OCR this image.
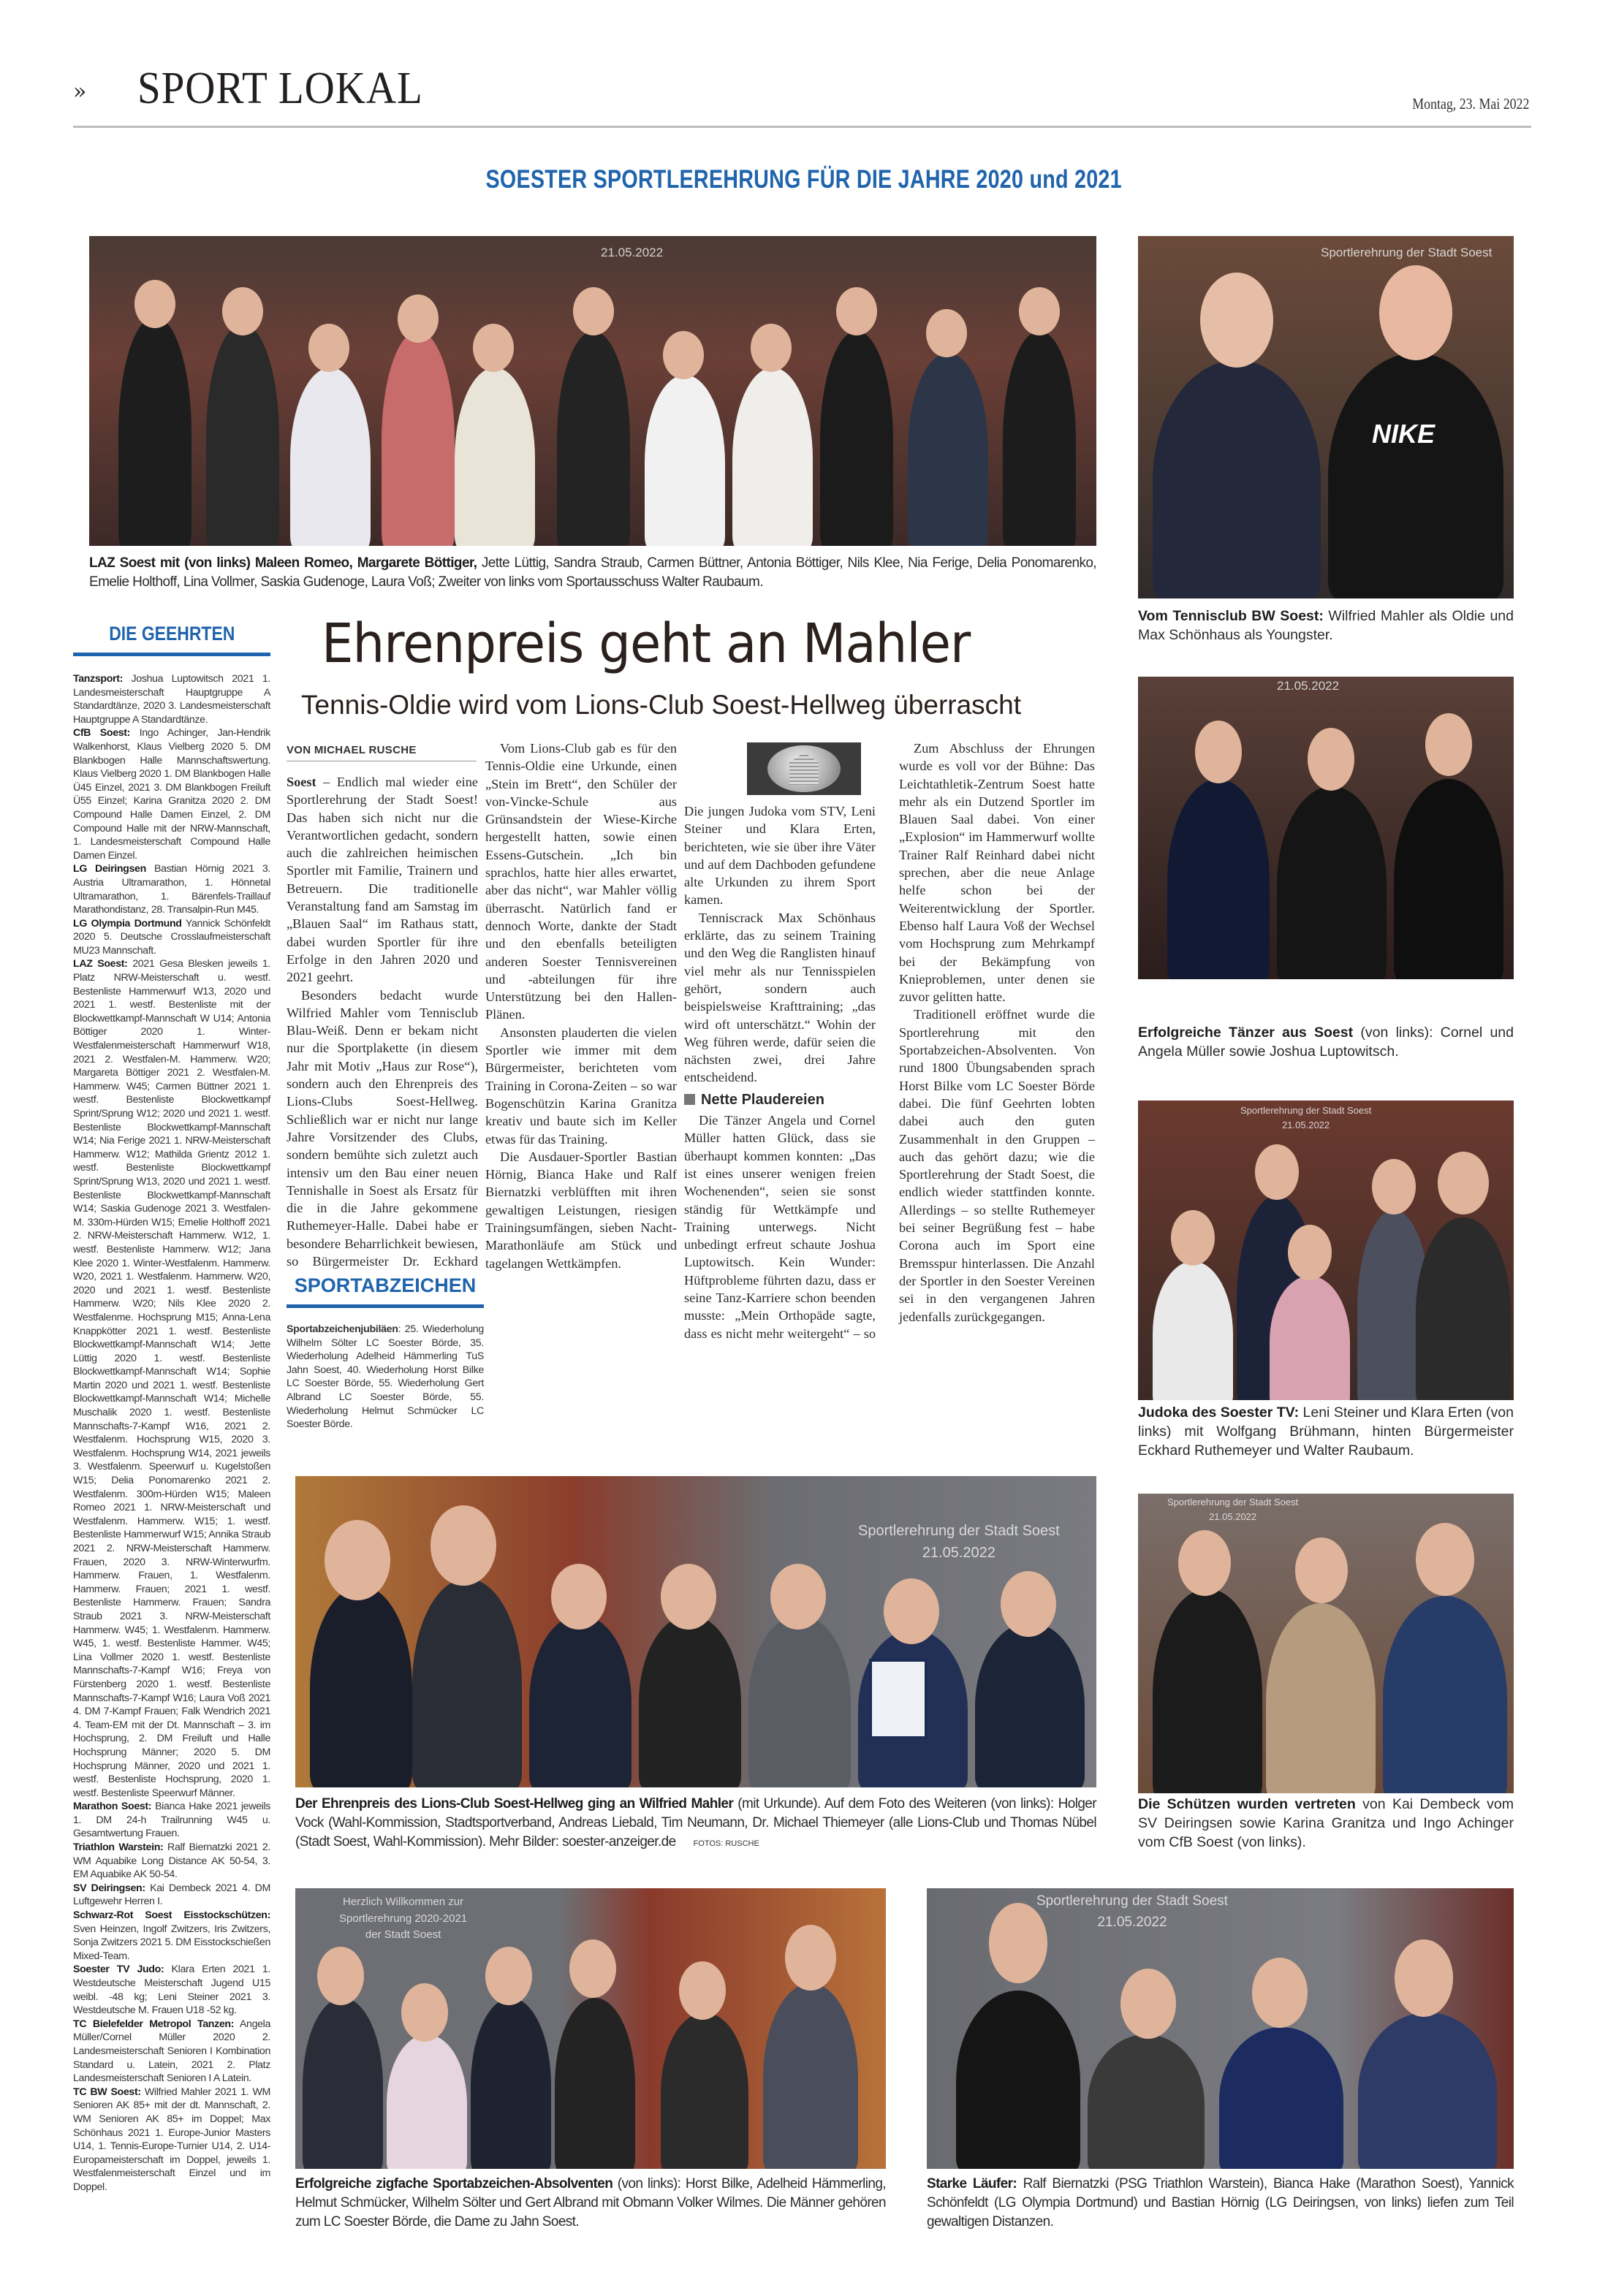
» SPORT LOKAL	Montag, 23. Mai 2022
SOESTER SPORTLEREHRUNG FÜR DIE JAHRE 2020 und 2021
21.05.2022
LAZ Soest mit (von links) Maleen Romeo, Margarete Böttiger, Jette Lüttig, Sandra Straub, Carmen Büttner, Antonia Böttiger, Nils Klee, Nia Ferige, Delia Ponomarenko, Emelie Holthoff, Lina Vollmer, Saskia Gudenoge, Laura Voß; Zweiter von links vom Sportausschuss Walter Raubaum.
Sportlerehrung der Stadt Soest
NIKE
Vom Tennisclub BW Soest: Wilfried Mahler als Oldie und Max Schönhaus als Youngster.
DIE GEEHRTEN

Tanzsport: Joshua Luptowitsch 2021 1. Landesmeisterschaft Hauptgruppe A Standardtänze, 2020 3. Landesmeisterschaft Hauptgruppe A Standardtänze.

CfB Soest: Ingo Achinger, Jan-Hendrik Walkenhorst, Klaus Vielberg 2020 5. DM Blankbogen Halle Mannschaftswertung. Klaus Vielberg 2020 1. DM Blankbogen Halle Ü45 Einzel, 2021 3. DM Blankbogen Freiluft Ü55 Einzel; Karina Granitza 2020 2. DM Compound Halle Damen Einzel, 2. DM Compound Halle mit der NRW-Mannschaft, 1. Landesmeisterschaft Compound Halle Damen Einzel.

LG Deiringsen Bastian Hörnig 2021 3. Austria Ultramarathon, 1. Hönnetal Ultramarathon, 1. Bärenfels-Traillauf Marathondistanz, 28. Transalpin-Run M45.

LG Olympia Dortmund Yannick Schönfeldt 2020 5. Deutsche Crosslaufmeisterschaft MU23 Mannschaft.

LAZ Soest: 2021 Gesa Blesken jeweils 1. Platz NRW-Meisterschaft u. westf. Bestenliste Hammerwurf W13, 2020 und 2021 1. westf. Bestenliste mit der Blockwettkampf-Mannschaft W U14; Antonia Böttiger 2020 1. Winter-Westfalenmeisterschaft Hammerwurf W18, 2021 2. Westfalen-M. Hammerw. W20; Margareta Böttiger 2021 2. Westfalen-M. Hammerw. W45; Carmen Büttner 2021 1. westf. Bestenliste Blockwettkampf Sprint/Sprung W12; 2020 und 2021 1. westf. Bestenliste Blockwettkampf-Mannschaft W14; Nia Ferige 2021 1. NRW-Meisterschaft Hammerw. W12; Mathilda Grientz 2012 1. westf. Bestenliste Blockwettkampf Sprint/Sprung W13, 2020 und 2021 1. westf. Bestenliste Blockwettkampf-Mannschaft W14; Saskia Gudenoge 2021 3. Westfalen-M. 330m-Hürden W15; Emelie Holthoff 2021 2. NRW-Meisterschaft Hammerw. W12, 1. westf. Bestenliste Hammerw. W12; Jana Klee 2020 1. Winter-Westfalenm. Hammerw. W20, 2021 1. Westfalenm. Hammerw. W20, 2020 und 2021 1. westf. Bestenliste Hammerw. W20; Nils Klee 2020 2. Westfalenme. Hochsprung M15; Anna-Lena Knappkötter 2021 1. westf. Bestenliste Blockwettkampf-Mannschaft W14; Jette Lüttig 2020 1. westf. Bestenliste Blockwettkampf-Mannschaft W14; Sophie Martin 2020 und 2021 1. westf. Bestenliste Blockwettkampf-Mannschaft W14; Michelle Muschalik 2020 1. westf. Bestenliste Mannschafts-7-Kampf W16, 2021 2. Westfalenm. Hochsprung W15, 2020 3. Westfalenm. Hochsprung W14, 2021 jeweils 3. Westfalenm. Speerwurf u. Kugelstoßen W15; Delia Ponomarenko 2021 2. Westfalenm. 300m-Hürden W15; Maleen Romeo 2021 1. NRW-Meisterschaft und Westfalenm. Hammerw. W15; 1. westf. Bestenliste Hammerwurf W15; Annika Straub 2021 2. NRW-Meisterschaft Hammerw. Frauen, 2020 3. NRW-Winterwurfm. Hammerw. Frauen, 1. Westfalenm. Hammerw. Frauen; 2021 1. westf. Bestenliste Hammerw. Frauen; Sandra Straub 2021 3. NRW-Meisterschaft Hammerw. W45; 1. Westfalenm. Hammerw. W45, 1. westf. Bestenliste Hammer. W45; Lina Vollmer 2020 1. westf. Bestenliste Mannschafts-7-Kampf W16; Freya von Fürstenberg 2020 1. westf. Bestenliste Mannschafts-7-Kampf W16; Laura Voß 2021 4. DM 7-Kampf Frauen; Falk Wendrich 2021 4. Team-EM mit der Dt. Mannschaft – 3. im Hochsprung, 2. DM Freiluft und Halle Hochsprung Männer; 2020 5. DM Hochsprung Männer, 2020 und 2021 1. westf. Bestenliste Hochsprung, 2020 1. westf. Bestenliste Speerwurf Männer.

Marathon Soest: Bianca Hake 2021 jeweils 1. DM 24-h Trailrunning W45 u. Gesamtwertung Frauen.

Triathlon Warstein: Ralf Biernatzki 2021 2. WM Aquabike Long Distance AK 50-54, 3. EM Aquabike AK 50-54.

SV Deiringsen: Kai Dembeck 2021 4. DM Luftgewehr Herren I.

Schwarz-Rot Soest Eisstockschützen: Sven Heinzen, Ingolf Zwitzers, Iris Zwitzers, Sonja Zwitzers 2021 5. DM Eisstockschießen Mixed-Team.

Soester TV Judo: Klara Erten 2021 1. Westdeutsche Meisterschaft Jugend U15 weibl. -48 kg; Leni Steiner 2021 3. Westdeutsche M. Frauen U18 -52 kg.

TC Bielefelder Metropol Tanzen: Angela Müller/Cornel Müller 2020 2. Landesmeisterschaft Senioren I Kombination Standard u. Latein, 2021 2. Platz Landesmeisterschaft Senioren I A Latein.

TC BW Soest: Wilfried Mahler 2021 1. WM Senioren AK 85+ mit der dt. Mannschaft, 2. WM Senioren AK 85+ im Doppel; Max Schönhaus 2021 1. Europe-Junior Masters U14, 1. Tennis-Europe-Turnier U14, 2. U14-Europameisterschaft im Doppel, jeweils 1. Westfalenmeisterschaft Einzel und im Doppel.

Ehrenpreis geht an Mahler
Tennis-Oldie wird vom Lions-Club Soest-Hellweg überrascht
VON MICHAEL RUSCHE

Soest – Endlich mal wieder eine Sportlerehrung der Stadt Soest! Das haben sich nicht nur die Verantwortlichen gedacht, sondern auch die zahlreichen heimischen Sportler mit Familie, Trainern und Betreuern. Die traditionelle Veranstaltung fand am Samstag im „Blauen Saal“ im Rathaus statt, dabei wurden Sportler für ihre Erfolge in den Jahren 2020 und 2021 geehrt.

Besonders bedacht wurde Wilfried Mahler vom Tennisclub Blau-Weiß. Denn er bekam nicht nur die Sportplakette (in diesem Jahr mit Motiv „Haus zur Rose“), sondern auch den Ehrenpreis des Lions-Clubs Soest-Hellweg. Schließlich war er nicht nur lange Jahre Vorsitzender des Clubs, sondern bemühte sich zuletzt auch intensiv um den Bau einer neuen Tennishalle in Soest als Ersatz für die in die Jahre gekommene Ruthemeyer-Halle. Dabei habe er besondere Beharrlichkeit bewiesen, so Bürgermeister Dr. Eckhard

SPORTABZEICHEN
Sportabzeichenjubiläen: 25. Wiederholung Wilhelm Sölter LC Soester Börde, 35. Wiederholung Adelheid Hämmerling TuS Jahn Soest, 40. Wiederholung Horst Bilke LC Soester Börde, 55. Wiederholung Gert Albrand LC Soester Börde, 55. Wiederholung Helmut Schmücker LC Soester Börde.

Vom Lions-Club gab es für den Tennis-Oldie eine Urkunde, einen „Stein im Brett“, den Schüler der von-Vincke-Schule aus Grünsandstein der Wiese-Kirche hergestellt hatten, sowie einen Essens-Gutschein. „Ich bin sprachlos, hatte hier alles erwartet, aber das nicht“, war Mahler völlig überrascht. Natürlich fand er dennoch Worte, dankte der Stadt und den ebenfalls beteiligten anderen Soester Tennisvereinen und -abteilungen für ihre Unterstützung bei den Hallen-Plänen.

Ansonsten plauderten die vielen Sportler wie immer mit dem Bürgermeister, berichteten vom Training in Corona-Zeiten – so war Bogenschützin Karina Granitza kreativ und baute sich im Keller etwas für das Training.

Die Ausdauer-Sportler Bastian Hörnig, Bianca Hake und Ralf Biernatzki verblüfften mit ihren gewaltigen Leistungen, riesigen Trainingsumfängen, sieben Nacht-Marathonläufe am Stück und tagelangen Wettkämpfen.

Die jungen Judoka vom STV, Leni Steiner und Klara Erten, berichteten, wie sie über ihre Väter und auf dem Dachboden gefundene alte Urkunden zu ihrem Sport kamen.

Tenniscrack Max Schönhaus erklärte, das zu seinem Training und den Weg die Ranglisten hinauf viel mehr als nur Tennisspielen gehört, sondern auch beispielsweise Krafttraining; „das wird oft unterschätzt.“ Wohin der Weg führen werde, dafür seien die nächsten zwei, drei Jahre entscheidend.

Nette Plaudereien

Die Tänzer Angela und Cornel Müller hatten Glück, dass sie überhaupt kommen konnten: „Das ist eines unserer wenigen freien Wochenenden“, seien sie sonst ständig für Wettkämpfe und Training unterwegs. Nicht unbedingt erfreut schaute Joshua Luptowitsch. Kein Wunder: Hüftprobleme führten dazu, dass er seine Tanz-Karriere schon beenden musste: „Mein Orthopäde sagte, dass es nicht mehr weitergeht“ – so

Zum Abschluss der Ehrungen wurde es voll vor der Bühne: Das Leichtathletik-Zentrum Soest hatte mehr als ein Dutzend Sportler im Blauen Saal dabei. Von einer „Explosion“ im Hammerwurf wollte Trainer Ralf Reinhard dabei nicht sprechen, aber die neue Anlage helfe schon bei der Weiterentwicklung der Sportler. Ebenso half Laura Voß der Wechsel vom Hochsprung zum Mehrkampf bei der Bekämpfung von Knieproblemen, unter denen sie zuvor gelitten hatte.

Traditionell eröffnet wurde die Sportlerehrung mit den Sportabzeichen-Absolventen. Von rund 1800 Übungsabenden sprach Horst Bilke vom LC Soester Börde dabei. Die fünf Geehrten lobten dabei auch den guten Zusammenhalt in den Gruppen – auch das gehört dazu; wie die Sportlerehrung der Stadt Soest, die endlich wieder stattfinden konnte. Allerdings – so stellte Ruthemeyer bei seiner Begrüßung fest – habe Corona auch im Sport eine Bremsspur hinterlassen. Die Anzahl der Sportler in den Soester Vereinen sei in den vergangenen Jahren jedenfalls zurückgegangen.

21.05.2022
Erfolgreiche Tänzer aus Soest (von links): Cornel und Angela Müller sowie Joshua Luptowitsch.
Sportlerehrung der Stadt Soest
21.05.2022
Judoka des Soester TV: Leni Steiner und Klara Erten (von links) mit Wolfgang Brühmann, hinten Bürgermeister Eckhard Ruthemeyer und Walter Raubaum.
Sportlerehrung der Stadt Soest
21.05.2022
Der Ehrenpreis des Lions-Club Soest-Hellweg ging an Wilfried Mahler (mit Urkunde). Auf dem Foto des Weiteren (von links): Holger Vock (Wahl-Kommission, Stadtsportverband, Andreas Liebald, Tim Neumann, Dr. Michael Thiemeyer (alle Lions-Club und Thomas Nübel (Stadt Soest, Wahl-Kommission). Mehr Bilder: soester-anzeiger.de FOTOS: RUSCHE
Sportlerehrung der Stadt Soest
21.05.2022
Die Schützen wurden vertreten von Kai Dembeck vom SV Deiringsen sowie Karina Granitza und Ingo Achinger vom CfB Soest (von links).
Herzlich Willkommen zur
Sportlerehrung 2020-2021
der Stadt Soest
Erfolgreiche zigfache Sportabzeichen-Absolventen (von links): Horst Bilke, Adelheid Hämmerling, Helmut Schmücker, Wilhelm Sölter und Gert Albrand mit Obmann Volker Wilmes. Die Männer gehören zum LC Soester Börde, die Dame zu Jahn Soest.
Sportlerehrung der Stadt Soest
21.05.2022
Starke Läufer: Ralf Biernatzki (PSG Triathlon Warstein), Bianca Hake (Marathon Soest), Yannick Schönfeldt (LG Olympia Dortmund) und Bastian Hörnig (LG Deiringsen, von links) liefen zum Teil gewaltigen Distanzen.
